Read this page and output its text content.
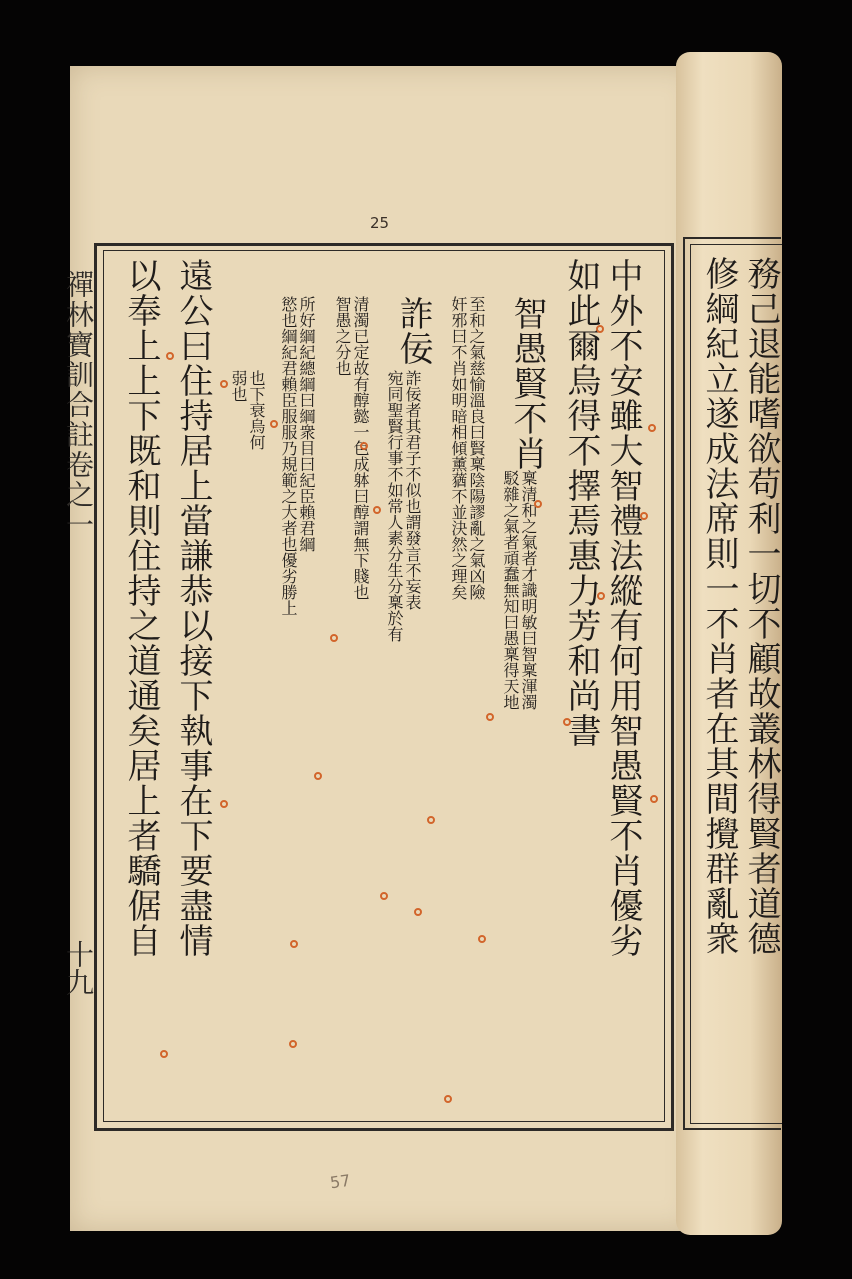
禪林寶訓合註卷之一
十九
25
務己退能嗜欲苟利一切不顧故叢林得賢者道德
修綱紀立遂成法席則一不肖者在其間攪群亂衆
中外不安雖大智禮法縱有何用智愚賢不肖優劣
如此爾烏得不擇焉惠力芳和尚書
智愚賢不肖
稟清和之氣者才識明敏曰智稟渾濁
駁雜之氣者頑蠢無知曰愚稟得天地
至和之氣慈愉溫良曰賢稟陰陽謬亂之氣凶險
奸邪曰不肖如明暗相傾薰蕕不並決然之理矣
詐佞
詐佞者其君子不似也謂發言不妄表
宛同聖賢行事不如常人素分生分稟於有
清濁已定故有醇懿一色成躰曰醇謂無下賤也
智愚之分也
所好綱紀總綱曰綱衆目曰紀臣賴君綱
慾也綱紀君賴臣服服乃規範之大者也優劣勝上
也下衰烏何
弱也
遠公曰住持居上當謙恭以接下執事在下要盡情
以奉上上下既和則住持之道通矣居上者驕倨自
57
